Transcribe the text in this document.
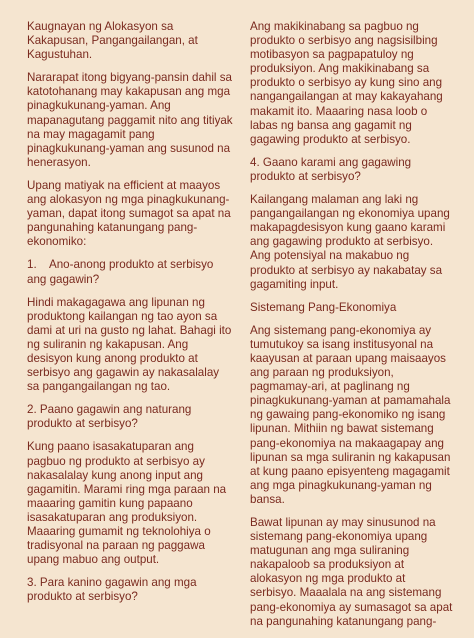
Kaugnayan ng Alokasyon sa Kakapusan, Pangangailangan, at Kagustuhan.

Nararapat itong bigyang-pansin dahil sa katotohanang may kakapusan ang mga pinagkukunang-yaman. Ang mapanagutang paggamit nito ang titiyak na may magagamit pang pinagkukunang-yaman ang susunod na henerasyon.

Upang matiyak na efficient at maayos ang alokasyon ng mga pinagkukunang-yaman, dapat itong sumagot sa apat na pangunahing katanungang pang-ekonomiko:

1. Ano-anong produkto at serbisyo ang gagawin?

Hindi makagagawa ang lipunan ng produktong kailangan ng tao ayon sa dami at uri na gusto ng lahat. Bahagi ito ng suliranin ng kakapusan. Ang desisyon kung anong produkto at serbisyo ang gagawin ay nakasalalay sa pangangailangan ng tao.

2. Paano gagawin ang naturang produkto at serbisyo?

Kung paano isasakatuparan ang pagbuo ng produkto at serbisyo ay nakasalalay kung anong input ang gagamitin. Marami ring mga paraan na maaaring gamitin kung papaano isasakatuparan ang produksiyon. Maaaring gumamit ng teknolohiya o tradisyonal na paraan ng paggawa upang mabuo ang output.

3. Para kanino gagawin ang mga produkto at serbisyo?

Ang makikinabang sa pagbuo ng produkto o serbisyo ang nagsisilbing motibasyon sa pagpapatuloy ng produksiyon. Ang makikinabang sa produkto o serbisyo ay kung sino ang nangangailangan at may kakayahang makamit ito. Maaaring nasa loob o labas ng bansa ang gagamit ng gagawing produkto at serbisyo.

4. Gaano karami ang gagawing produkto at serbisyo?

Kailangang malaman ang laki ng pangangailangan ng ekonomiya upang makapagdesisyon kung gaano karami ang gagawing produkto at serbisyo. Ang potensiyal na makabuo ng produkto at serbisyo ay nakabatay sa gagamiting input.

Sistemang Pang-Ekonomiya

Ang sistemang pang-ekonomiya ay tumutukoy sa isang institusyonal na kaayusan at paraan upang maisaayos ang paraan ng produksiyon, pagmamay-ari, at paglinang ng pinagkukunang-yaman at pamamahala ng gawaing pang-ekonomiko ng isang lipunan. Mithiin ng bawat sistemang pang-ekonomiya na makaagapay ang lipunan sa mga suliranin ng kakapusan at kung paano episyenteng magagamit ang mga pinagkukunang-yaman ng bansa.

Bawat lipunan ay may sinusunod na sistemang pang-ekonomiya upang matugunan ang mga suliraning nakapaloob sa produksiyon at alokasyon ng mga produkto at serbisyo. Maaalala na ang sistemang pang-ekonomiya ay sumasagot sa apat na pangunahing katanungang pang-
